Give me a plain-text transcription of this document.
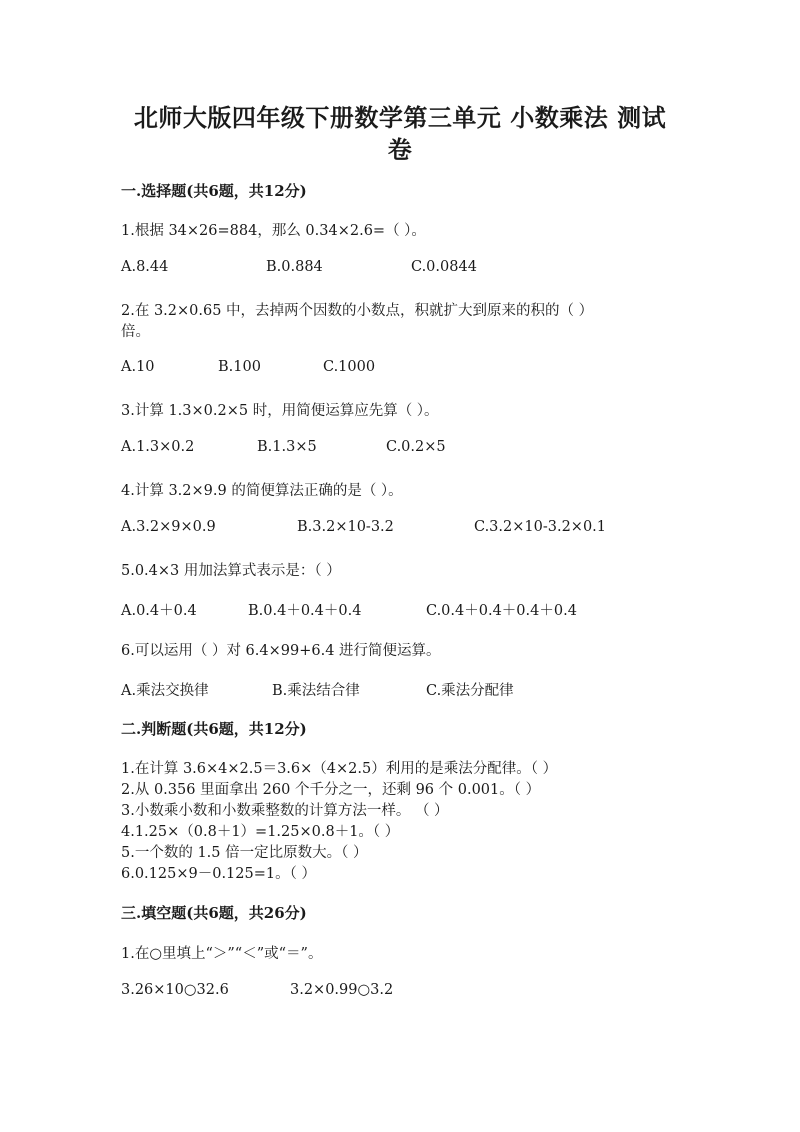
北师大版四年级下册数学第三单元 小数乘法 测试
卷
一.选择题(共6题，共12分)
1.根据 34×26=884，那么 0.34×2.6=（ ）。
A.8.44	B.0.884	C.0.0844
2.在 3.2×0.65 中，去掉两个因数的小数点，积就扩大到原来的积的（ ）
倍。
A.10	B.100	C.1000
3.计算 1.3×0.2×5 时，用简便运算应先算（ ）。
A.1.3×0.2	B.1.3×5	C.0.2×5
4.计算 3.2×9.9 的简便算法正确的是（ ）。
A.3.2×9×0.9	B.3.2×10-3.2	C.3.2×10-3.2×0.1
5.0.4×3 用加法算式表示是：（ ）
A.0.4＋0.4	B.0.4＋0.4＋0.4	C.0.4＋0.4＋0.4＋0.4
6.可以运用（ ）对 6.4×99+6.4 进行简便运算。
A.乘法交换律	B.乘法结合律	C.乘法分配律
二.判断题(共6题，共12分)
1.在计算 3.6×4×2.5＝3.6×（4×2.5）利用的是乘法分配律。（ ）
2.从 0.356 里面拿出 260 个千分之一，还剩 96 个 0.001。（ ）
3.小数乘小数和小数乘整数的计算方法一样。 （ ）
4.1.25×（0.8＋1）=1.25×0.8＋1。（ ）
5.一个数的 1.5 倍一定比原数大。（ ）
6.0.125×9－0.125=1。（ ）
三.填空题(共6题，共26分)
1.在○里填上“＞”“＜”或“＝”。
3.26×10○32.6	3.2×0.99○3.2
